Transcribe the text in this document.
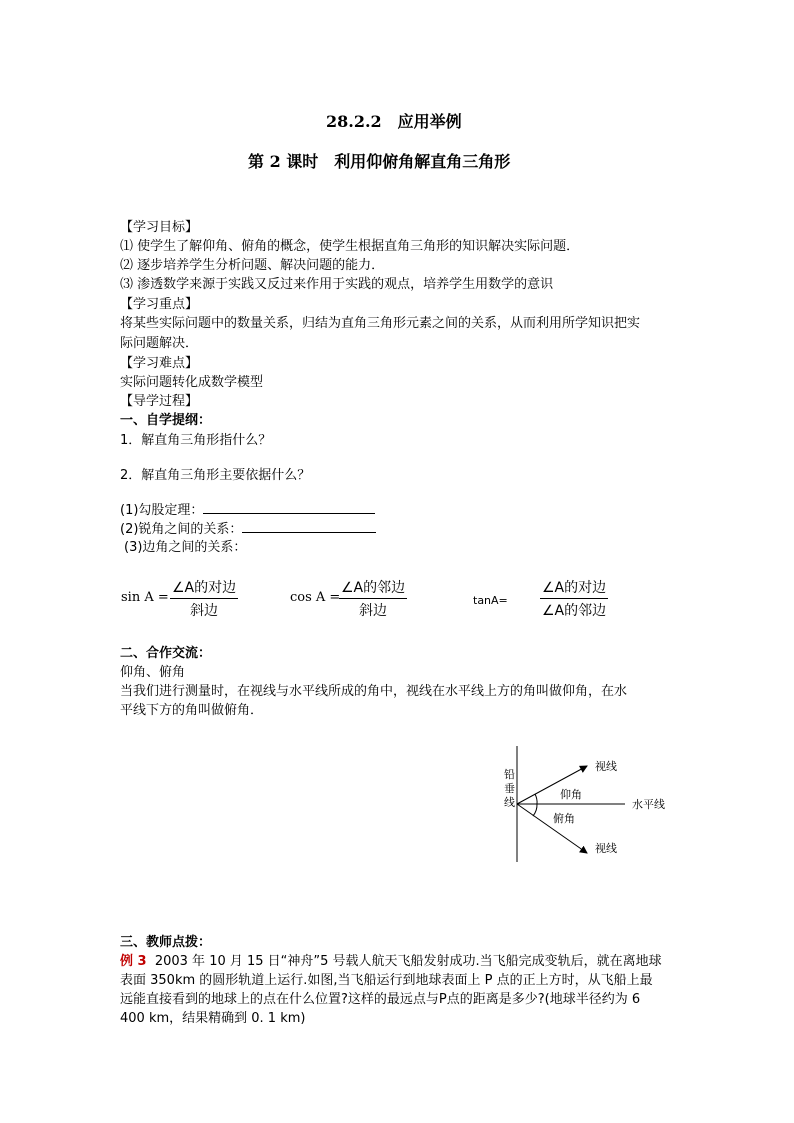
28.2.2　应用举例
第 2 课时　利用仰俯角解直角三角形
【学习目标】
⑴ 使学生了解仰角、俯角的概念，使学生根据直角三角形的知识解决实际问题．
⑵ 逐步培养学生分析问题、解决问题的能力．
⑶ 渗透数学来源于实践又反过来作用于实践的观点，培养学生用数学的意识
【学习重点】
将某些实际问题中的数量关系，归结为直角三角形元素之间的关系，从而利用所学知识把实
际问题解决．
【学习难点】
实际问题转化成数学模型
【导学过程】
一、自学提纲：
1．解直角三角形指什么？
2．解直角三角形主要依据什么？
(1)勾股定理：
(2)锐角之间的关系：
(3)边角之间的关系：
sin A =
∠A的对边
斜边
cos A =
∠A的邻边
斜边
tanA=
∠A的对边
∠A的邻边
二、合作交流：
仰角、俯角
当我们进行测量时，在视线与水平线所成的角中，视线在水平线上方的角叫做仰角，在水
平线下方的角叫做俯角．
铅
垂
线
视线
仰角
俯角
水平线
视线
三、教师点拨：
例 3  2003 年 10 月 15 日“神舟”5 号载人航天飞船发射成功.当飞船完成变轨后，就在离地球
表面 350km 的圆形轨道上运行.如图,当飞船运行到地球表面上 P 点的正上方时，从飞船上最
远能直接看到的地球上的点在什么位置?这样的最远点与P点的距离是多少?(地球半径约为 6
400 km，结果精确到 0. 1 km)
